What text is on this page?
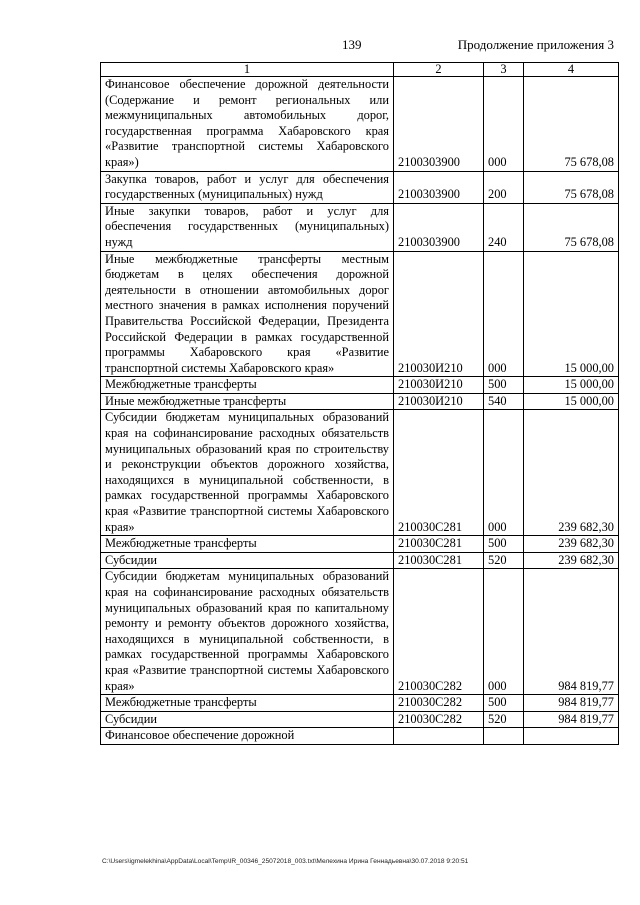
139	Продолжение приложения 3
1	2	3	4
Финансовое обеспечение дорожной деятельности (Содержание и ремонт региональных или межмуниципальных автомобильных дорог, государственная программа Хабаровского края «Развитие транспортной системы Хабаровского края»)	2100303900	000	75 678,08
Закупка товаров, работ и услуг для обеспечения государственных (муниципальных) нужд	2100303900	200	75 678,08
Иные закупки товаров, работ и услуг для обеспечения государственных (муниципальных) нужд	2100303900	240	75 678,08
Иные межбюджетные трансферты местным бюджетам в целях обеспечения дорожной деятельности в отношении автомобильных дорог местного значения в рамках исполнения поручений Правительства Российской Федерации, Президента Российской Федерации в рамках государственной программы Хабаровского края «Развитие транспортной системы Хабаровского края»	210030И210	000	15 000,00
Межбюджетные трансферты	210030И210	500	15 000,00
Иные межбюджетные трансферты	210030И210	540	15 000,00
Субсидии бюджетам муниципальных образований края на софинансирование расходных обязательств муниципальных образований края по строительству и реконструкции объектов дорожного хозяйства, находящихся в муниципальной собственности, в рамках государственной программы Хабаровского края «Развитие транспортной системы Хабаровского края»	210030С281	000	239 682,30
Межбюджетные трансферты	210030С281	500	239 682,30
Субсидии	210030С281	520	239 682,30
Субсидии бюджетам муниципальных образований края на софинансирование расходных обязательств муниципальных образований края по капитальному ремонту и ремонту объектов дорожного хозяйства, находящихся в муниципальной собственности, в рамках государственной программы Хабаровского края «Развитие транспортной системы Хабаровского края»	210030С282	000	984 819,77
Межбюджетные трансферты	210030С282	500	984 819,77
Субсидии	210030С282	520	984 819,77
Финансовое обеспечение дорожной			
C:\Users\igmelekhina\AppData\Local\Temp\IR_00346_25072018_003.txt\Мелехина Ирина Геннадьевна\30.07.2018 9:20:51
